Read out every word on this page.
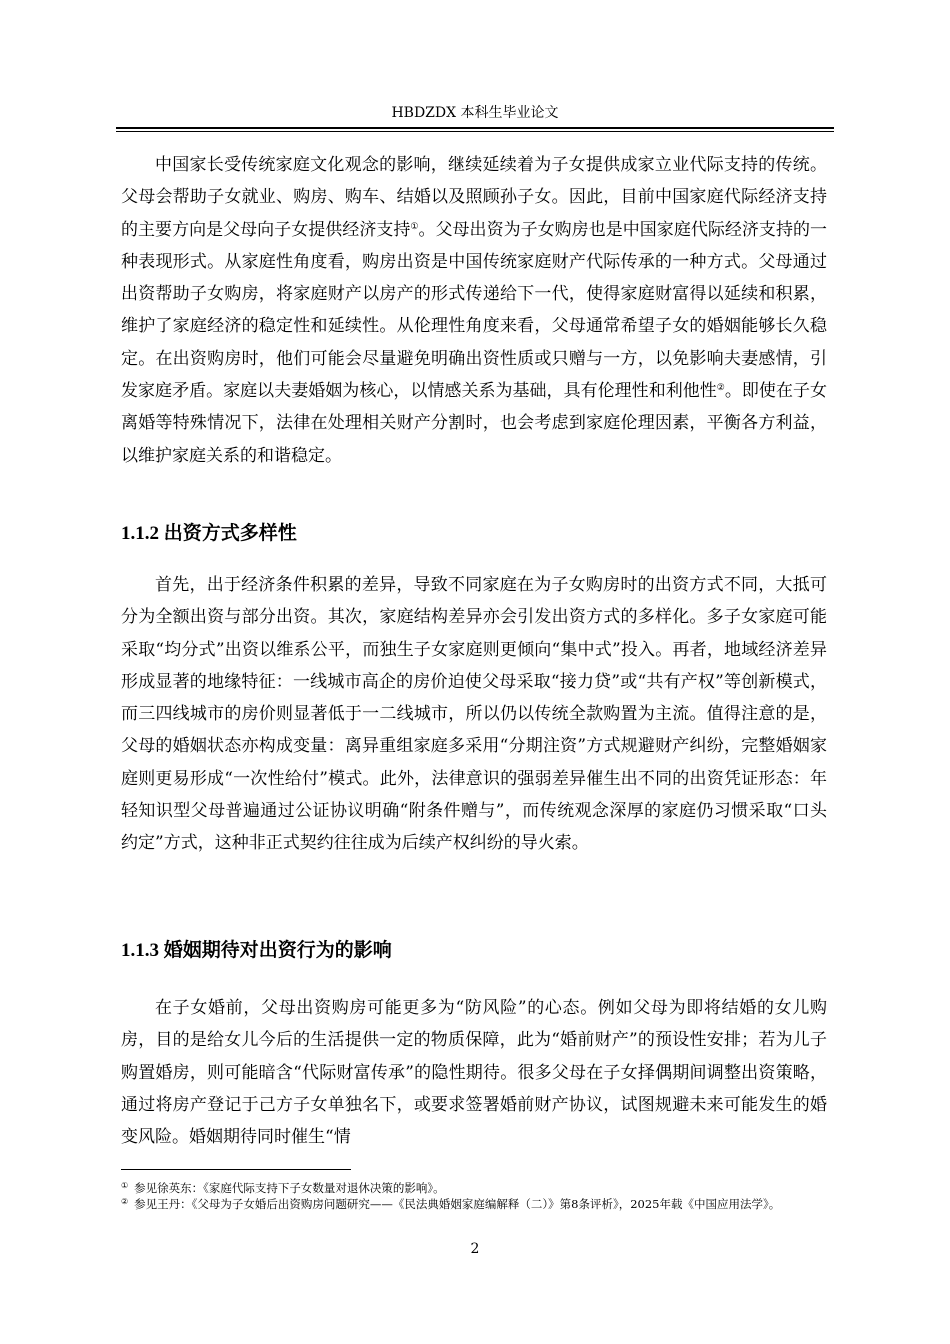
HBDZDX 本科生毕业论文

中国家长受传统家庭文化观念的影响，继续延续着为子女提供成家立业代际支持的传统。父母会帮助子女就业、购房、购车、结婚以及照顾孙子女。因此，目前中国家庭代际经济支持的主要方向是父母向子女提供经济支持①。父母出资为子女购房也是中国家庭代际经济支持的一种表现形式。从家庭性角度看，购房出资是中国传统家庭财产代际传承的一种方式。父母通过出资帮助子女购房，将家庭财产以房产的形式传递给下一代，使得家庭财富得以延续和积累，维护了家庭经济的稳定性和延续性。从伦理性角度来看，父母通常希望子女的婚姻能够长久稳定。在出资购房时，他们可能会尽量避免明确出资性质或只赠与一方，以免影响夫妻感情，引发家庭矛盾。家庭以夫妻婚姻为核心，以情感关系为基础，具有伦理性和利他性②。即使在子女离婚等特殊情况下，法律在处理相关财产分割时，也会考虑到家庭伦理因素，平衡各方利益，以维护家庭关系的和谐稳定。

1.1.2 出资方式多样性

首先，出于经济条件积累的差异，导致不同家庭在为子女购房时的出资方式不同，大抵可分为全额出资与部分出资。其次，家庭结构差异亦会引发出资方式的多样化。多子女家庭可能采取“均分式”出资以维系公平，而独生子女家庭则更倾向“集中式”投入。再者，地域经济差异形成显著的地缘特征：一线城市高企的房价迫使父母采取“接力贷”或“共有产权”等创新模式，而三四线城市的房价则显著低于一二线城市，所以仍以传统全款购置为主流。值得注意的是，父母的婚姻状态亦构成变量：离异重组家庭多采用“分期注资”方式规避财产纠纷，完整婚姻家庭则更易形成“一次性给付”模式。此外，法律意识的强弱差异催生出不同的出资凭证形态：年轻知识型父母普遍通过公证协议明确“附条件赠与”，而传统观念深厚的家庭仍习惯采取“口头约定”方式，这种非正式契约往往成为后续产权纠纷的导火索。

1.1.3 婚姻期待对出资行为的影响

在子女婚前，父母出资购房可能更多为“防风险”的心态。例如父母为即将结婚的女儿购房，目的是给女儿今后的生活提供一定的物质保障，此为“婚前财产”的预设性安排；若为儿子购置婚房，则可能暗含“代际财富传承”的隐性期待。很多父母在子女择偶期间调整出资策略，通过将房产登记于己方子女单独名下，或要求签署婚前财产协议，试图规避未来可能发生的婚变风险。婚姻期待同时催生“情

① 参见徐英东：《家庭代际支持下子女数量对退休决策的影响》。

② 参见王丹：《父母为子女婚后出资购房问题研究——《民法典婚姻家庭编解释（二）》第8条评析》，2025年载《中国应用法学》。

2
